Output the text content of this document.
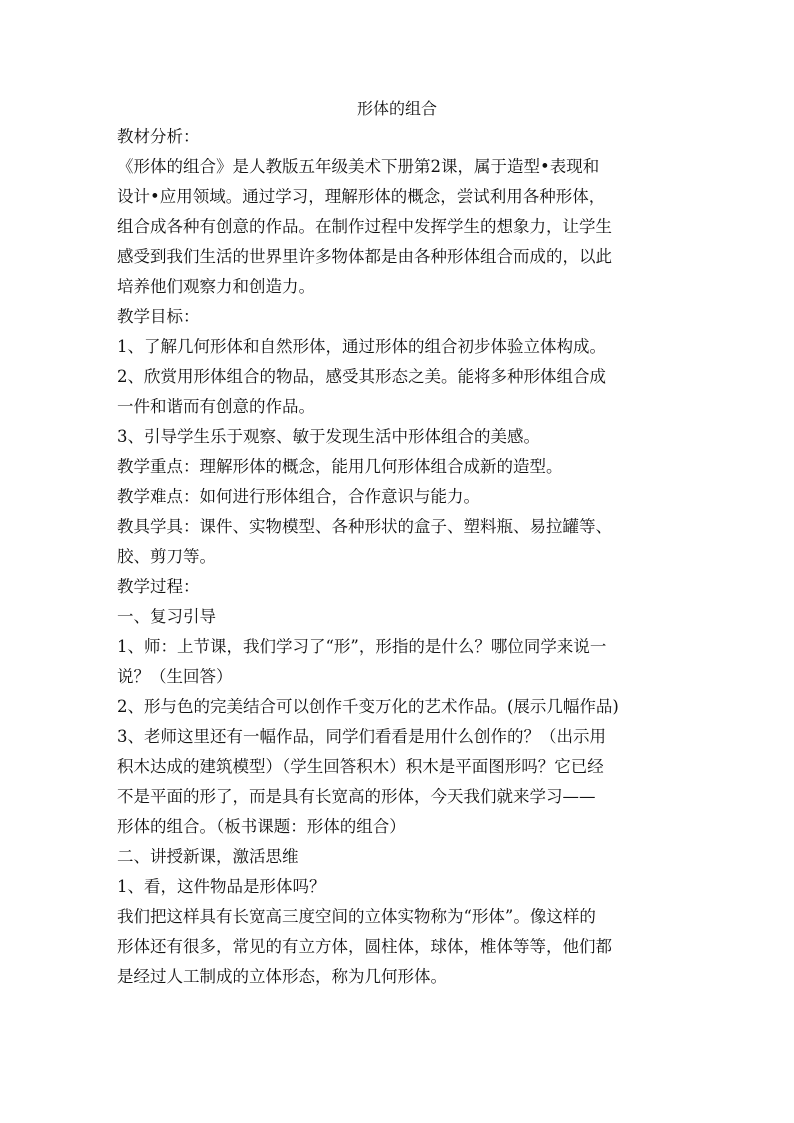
形体的组合
教材分析：
《形体的组合》是人教版五年级美术下册第2课，属于造型•表现和
设计•应用领域。通过学习，理解形体的概念，尝试利用各种形体，
组合成各种有创意的作品。在制作过程中发挥学生的想象力，让学生
感受到我们生活的世界里许多物体都是由各种形体组合而成的，以此
培养他们观察力和创造力。
教学目标：
1、了解几何形体和自然形体，通过形体的组合初步体验立体构成。
2、欣赏用形体组合的物品，感受其形态之美。能将多种形体组合成
一件和谐而有创意的作品。
3、引导学生乐于观察、敏于发现生活中形体组合的美感。
教学重点：理解形体的概念，能用几何形体组合成新的造型。
教学难点：如何进行形体组合，合作意识与能力。
教具学具：课件、实物模型、各种形状的盒子、塑料瓶、易拉罐等、
胶、剪刀等。
教学过程：
一、复习引导
1、师：上节课，我们学习了“形”，形指的是什么？哪位同学来说一
说？（生回答）
2、形与色的完美结合可以创作千变万化的艺术作品。(展示几幅作品)
3、老师这里还有一幅作品，同学们看看是用什么创作的？（出示用
积木达成的建筑模型）（学生回答积木）积木是平面图形吗？它已经
不是平面的形了，而是具有长宽高的形体，今天我们就来学习——
形体的组合。（板书课题：形体的组合）
二、讲授新课，激活思维
1、看，这件物品是形体吗？
我们把这样具有长宽高三度空间的立体实物称为“形体”。像这样的
形体还有很多，常见的有立方体，圆柱体，球体，椎体等等，他们都
是经过人工制成的立体形态，称为几何形体。
